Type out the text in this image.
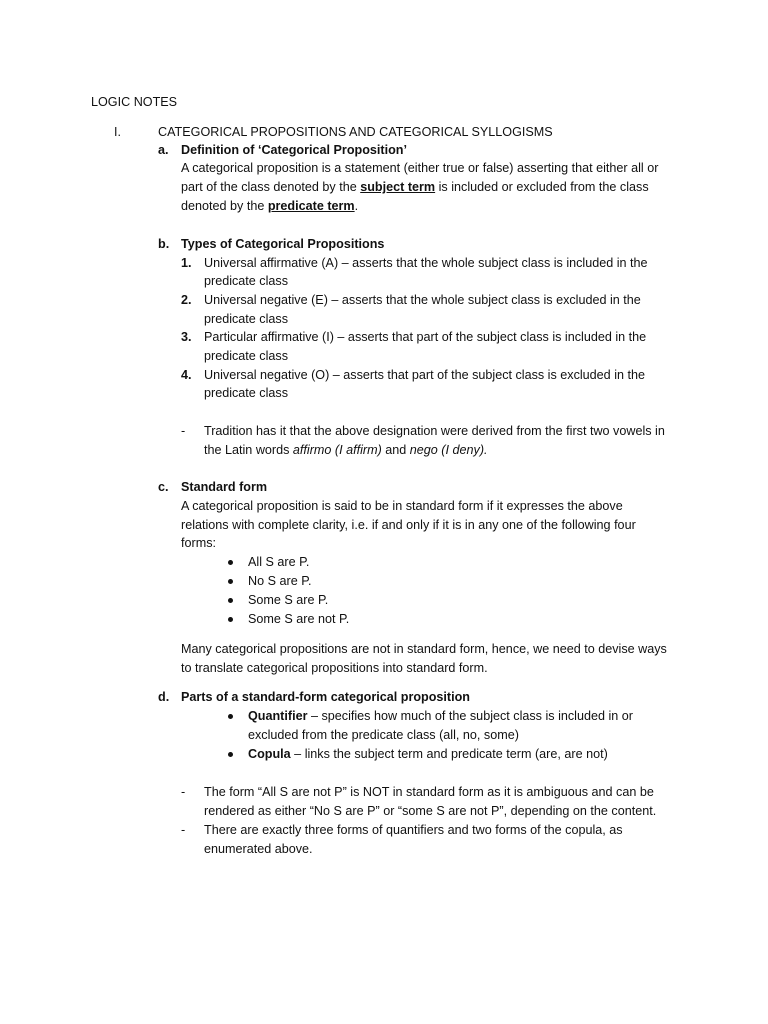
LOGIC NOTES
I.	CATEGORICAL PROPOSITIONS AND CATEGORICAL SYLLOGISMS
a. Definition of ‘Categorical Proposition’
A categorical proposition is a statement (either true or false) asserting that either all or
part of the class denoted by the subject term is included or excluded from the class
denoted by the predicate term.
b. Types of Categorical Propositions
1. Universal affirmative (A) – asserts that the whole subject class is included in the
predicate class
2. Universal negative (E) – asserts that the whole subject class is excluded in the
predicate class
3. Particular affirmative (I) – asserts that part of the subject class is included in the
predicate class
4. Universal negative (O) – asserts that part of the subject class is excluded in the
predicate class
- Tradition has it that the above designation were derived from the first two vowels in
the Latin words affirmo (I affirm) and nego (I deny).
c. Standard form
A categorical proposition is said to be in standard form if it expresses the above
relations with complete clarity, i.e. if and only if it is in any one of the following four
forms:
All S are P.
No S are P.
Some S are P.
Some S are not P.
Many categorical propositions are not in standard form, hence, we need to devise ways
to translate categorical propositions into standard form.
d. Parts of a standard-form categorical proposition
Quantifier – specifies how much of the subject class is included in or
excluded from the predicate class (all, no, some)
Copula – links the subject term and predicate term (are, are not)
- The form “All S are not P” is NOT in standard form as it is ambiguous and can be
rendered as either “No S are P” or “some S are not P”, depending on the content.
- There are exactly three forms of quantifiers and two forms of the copula, as
enumerated above.
